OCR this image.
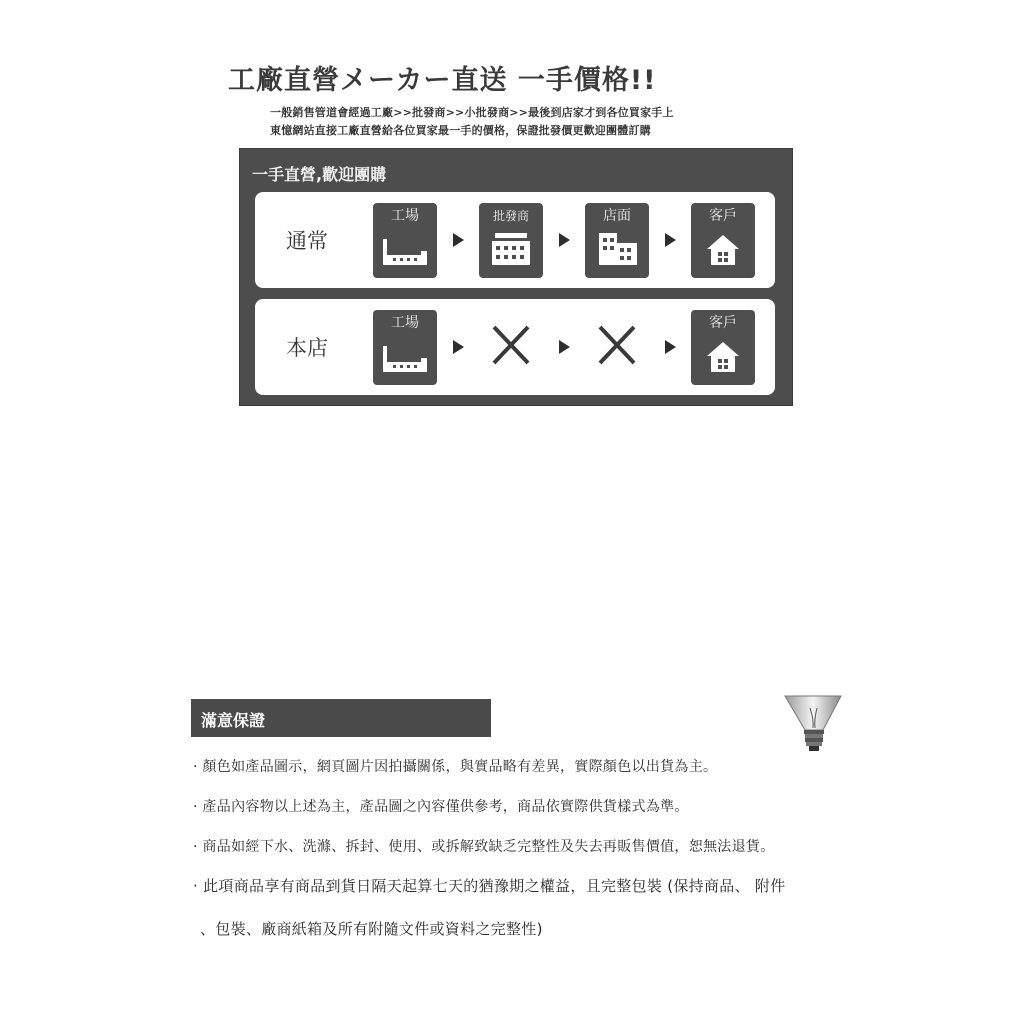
工廠直營メーカー直送 一手價格!!
一般銷售管道會經過工廠>>批發商>>小批發商>>最後到店家才到各位買家手上
東憶網站直接工廠直營給各位買家最一手的價格，保證批發價更歡迎團體訂購
一手直營,歡迎團購
通常
工場	批發商	店面	客戶
本店
工場	客戶
滿意保證
· 顏色如產品圖示，網頁圖片因拍攝關係，與實品略有差異，實際顏色以出貨為主。
· 產品內容物以上述為主，產品圖之內容僅供參考，商品依實際供貨樣式為準。
· 商品如經下水、洗滌、拆封、使用、或拆解致缺乏完整性及失去再販售價值，恕無法退貨。
· 此項商品享有商品到貨日隔天起算七天的猶豫期之權益，且完整包裝 (保持商品、 附件
、包裝、廠商紙箱及所有附隨文件或資料之完整性)
